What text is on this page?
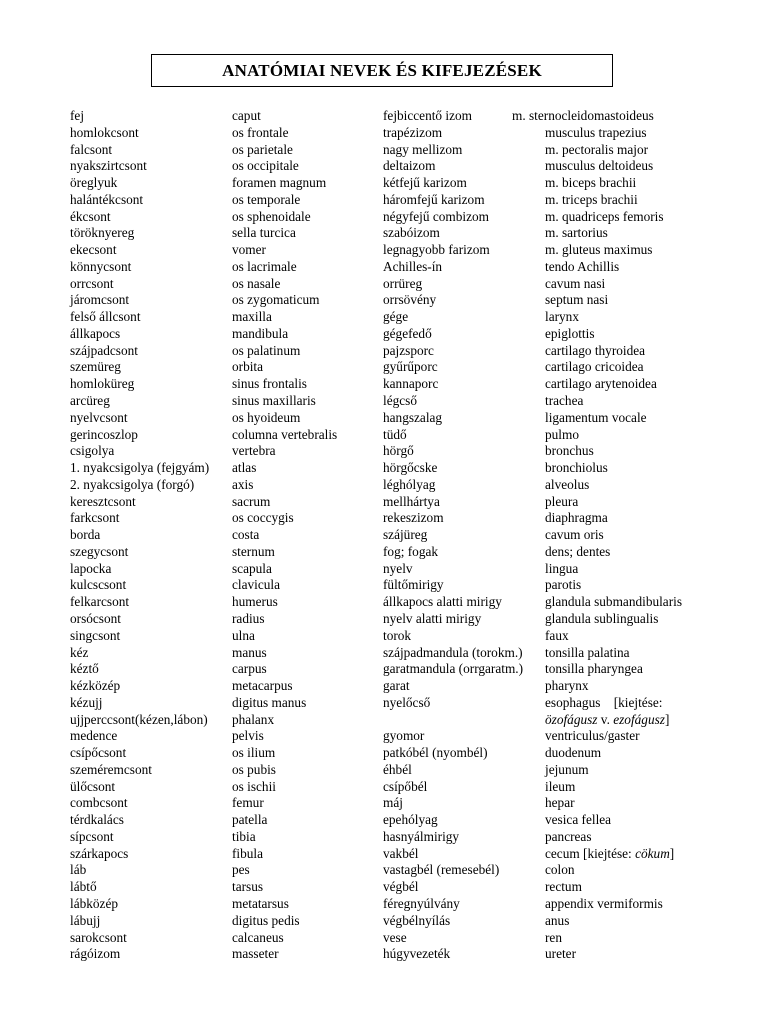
ANATÓMIAI NEVEK ÉS KIFEJEZÉSEK
fej
homlokcsont
falcsont
nyakszirtcsont
öreglyuk
halántékcsont
ékcsont
töröknyereg
ekecsont
könnycsont
orrcsont
járomcsont
felső állcsont
állkapocs
szájpadcsont
szemüreg
homloküreg
arcüreg
nyelvcsont
gerincoszlop
csigolya
1. nyakcsigolya (fejgyám)
2. nyakcsigolya (forgó)
keresztcsont
farkcsont
borda
szegycsont
lapocka
kulcscsont
felkarcsont
orsócsont
singcsont
kéz
kéztő
kézközép
kézujj
ujjperccsont(kézen,lábon)
medence
csípőcsont
szeméremcsont
ülőcsont
combcsont
térdkalács
sípcsont
szárkapocs
láb
lábtő
lábközép
lábujj
sarokcsont
rágóizom
caput
os frontale
os parietale
os occipitale
foramen magnum
os temporale
os sphenoidale
sella turcica
vomer
os lacrimale
os nasale
os zygomaticum
maxilla
mandibula
os palatinum
orbita
sinus frontalis
sinus maxillaris
os hyoideum
columna vertebralis
vertebra
atlas
axis
sacrum
os coccygis
costa
sternum
scapula
clavicula
humerus
radius
ulna
manus
carpus
metacarpus
digitus manus
phalanx
pelvis
os ilium
os pubis
os ischii
femur
patella
tibia
fibula
pes
tarsus
metatarsus
digitus pedis
calcaneus
masseter
fejbiccentő izom
trapézizom
nagy mellizom
deltaizom
kétfejű karizom
háromfejű karizom
négyfejű combizom
szabóizom
legnagyobb farizom
Achilles-ín
orrüreg
orrsövény
gége
gégefedő
pajzsporc
gyűrűporc
kannaporc
légcső
hangszalag
tüdő
hörgő
hörgőcske
léghólyag
mellhártya
rekeszizom
szájüreg
fog; fogak
nyelv
fültőmirigy
állkapocs alatti mirigy
nyelv alatti mirigy
torok
szájpadmandula (torokm.)
garatmandula (orrgaratm.)
garat
nyelőcső
gyomor
patkóbél (nyombél)
éhbél
csípőbél
máj
epehólyag
hasnyálmirigy
vakbél
vastagbél (remesebél)
végbél
féregnyúlvány
végbélnyílás
vese
húgyvezeték
m. sternocleidomastoideus
musculus trapezius
m. pectoralis major
musculus deltoideus
m. biceps brachii
m. triceps brachii
m. quadriceps femoris
m. sartorius
m. gluteus maximus
tendo Achillis
cavum nasi
septum nasi
larynx
epiglottis
cartilago thyroidea
cartilago cricoidea
cartilago arytenoidea
trachea
ligamentum vocale
pulmo
bronchus
bronchiolus
alveolus
pleura
diaphragma
cavum oris
dens; dentes
lingua
parotis
glandula submandibularis
glandula sublingualis
faux
tonsilla palatina
tonsilla pharyngea
pharynx
esophagus [kiejtése:
özofágusz v. ezofágusz]
ventriculus/gaster
duodenum
jejunum
ileum
hepar
vesica fellea
pancreas
cecum [kiejtése: cökum]
colon
rectum
appendix vermiformis
anus
ren
ureter
